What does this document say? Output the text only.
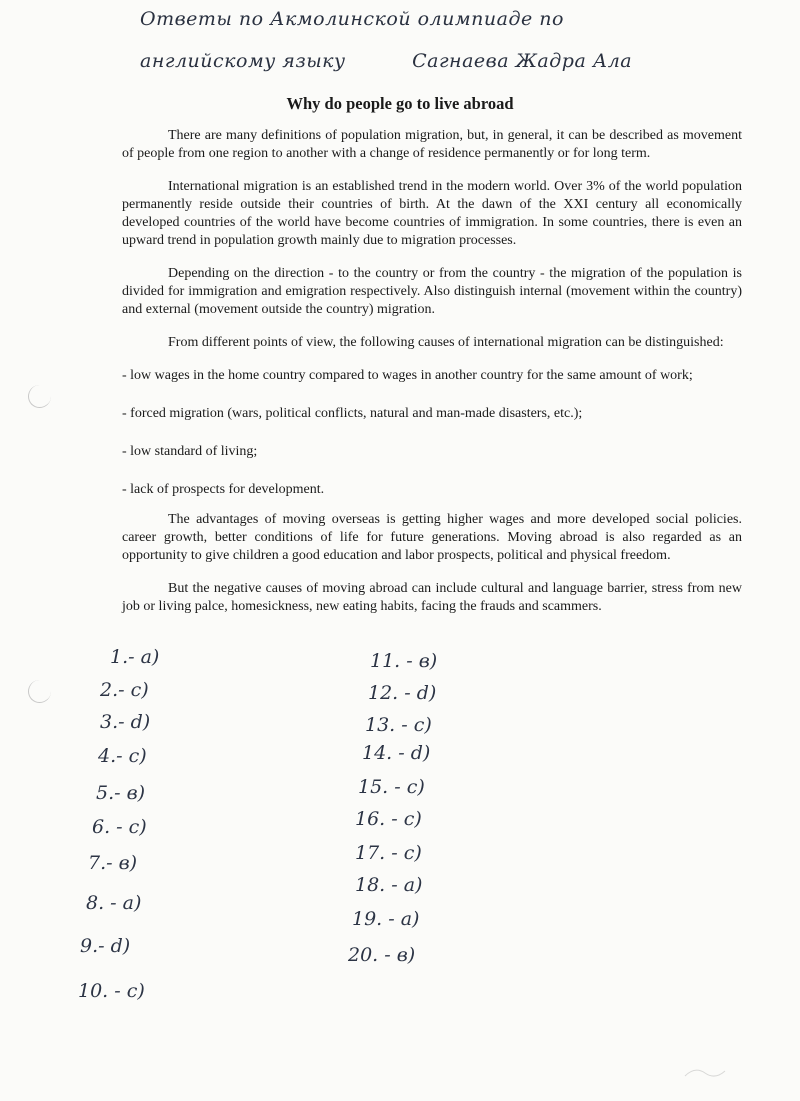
Ответы по Акмолинской олимпиаде по
английскому языку	Сагнаева Жадра Ала
Why do people go to live abroad

There are many definitions of population migration, but, in general, it can be described as movement of people from one region to another with a change of residence permanently or for long term.

International migration is an established trend in the modern world. Over 3% of the world population permanently reside outside their countries of birth. At the dawn of the XXI century all economically developed countries of the world have become countries of immigration. In some countries, there is even an upward trend in population growth mainly due to migration processes.

Depending on the direction - to the country or from the country - the migration of the population is divided for immigration and emigration respectively. Also distinguish internal (movement within the country) and external (movement outside the country) migration.

From different points of view, the following causes of international migration can be distinguished:

- low wages in the home country compared to wages in another country for the same amount of work;

- forced migration (wars, political conflicts, natural and man-made disasters, etc.);

- low standard of living;

- lack of prospects for development.

The advantages of moving overseas is getting higher wages and more developed social policies. career growth, better conditions of life for future generations. Moving abroad is also regarded as an opportunity to give children a good education and labor prospects, political and physical freedom.

But the negative causes of moving abroad can include cultural and language barrier, stress from new job or living palce, homesickness, new eating habits, facing the frauds and scammers.

1.- a)
2.- c)
3.- d)
4.- c)
5.- в)
6. - c)
7.- в)
8. - a)
9.- d)
10. - c)
11. - в)
12. - d)
13. - c)
14. - d)
15. - c)
16. - c)
17. - c)
18. - a)
19. - a)
20. - в)
